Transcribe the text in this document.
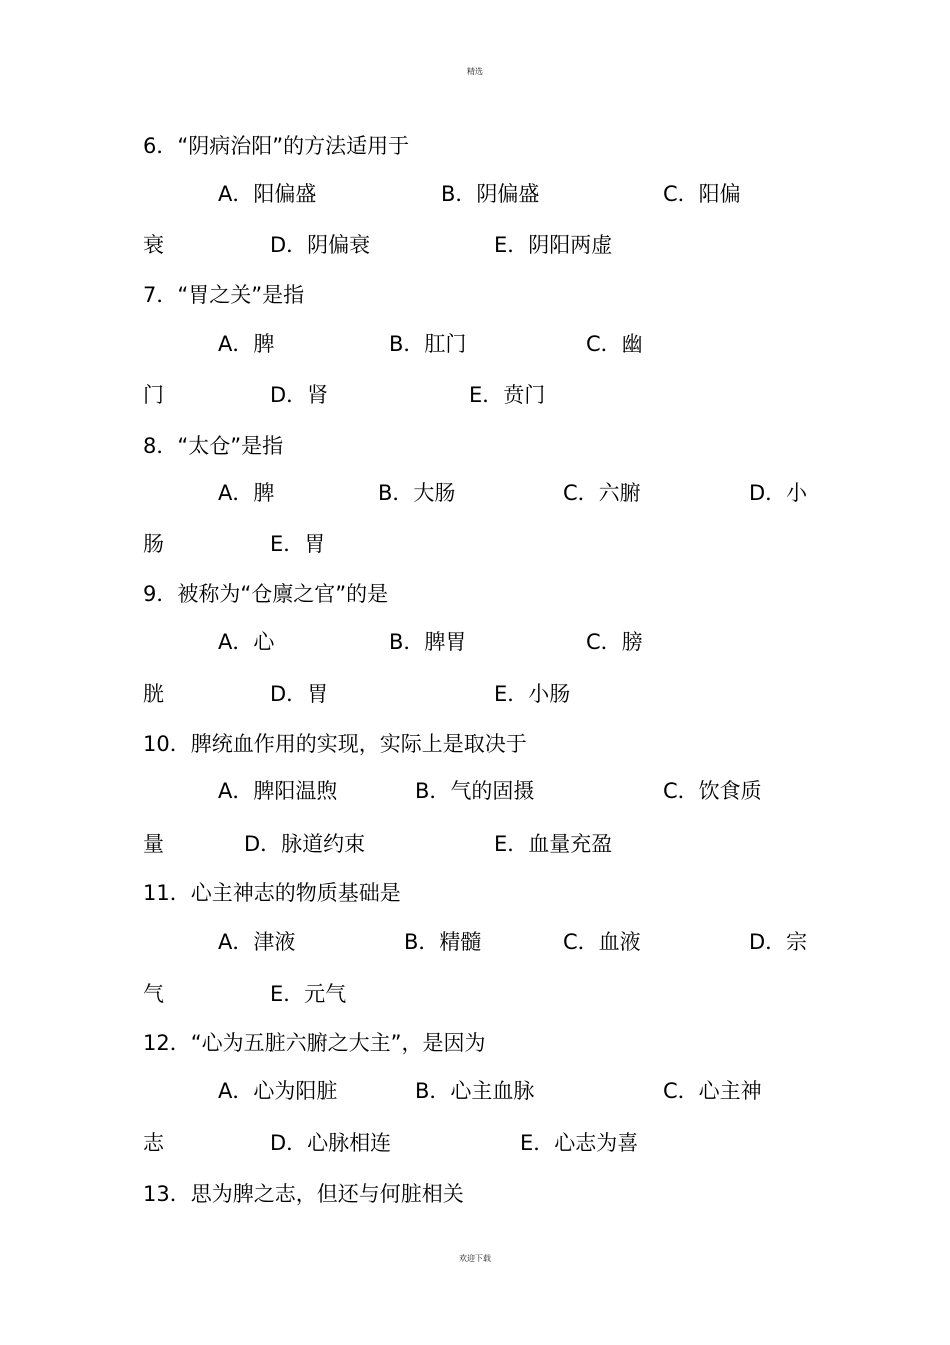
精选
6．“阴病治阳”的方法适用于
A．阳偏盛	B．阴偏盛	C．阳偏
衰	D．阴偏衰	E．阴阳两虚
7．“胃之关”是指
A．脾	B．肛门	C．幽
门	D．肾	E．贲门
8．“太仓”是指
A．脾	B．大肠	C．六腑	D．小
肠	E．胃
9．被称为“仓廪之官”的是
A．心	B．脾胃	C．膀
胱	D．胃	E．小肠
10．脾统血作用的实现，实际上是取决于
A．脾阳温煦	B．气的固摄	C．饮食质
量	D．脉道约束	E．血量充盈
11．心主神志的物质基础是
A．津液	B．精髓	C．血液	D．宗
气	E．元气
12．“心为五脏六腑之大主”，是因为
A．心为阳脏	B．心主血脉	C．心主神
志	D．心脉相连	E．心志为喜
13．思为脾之志，但还与何脏相关
欢迎下载
